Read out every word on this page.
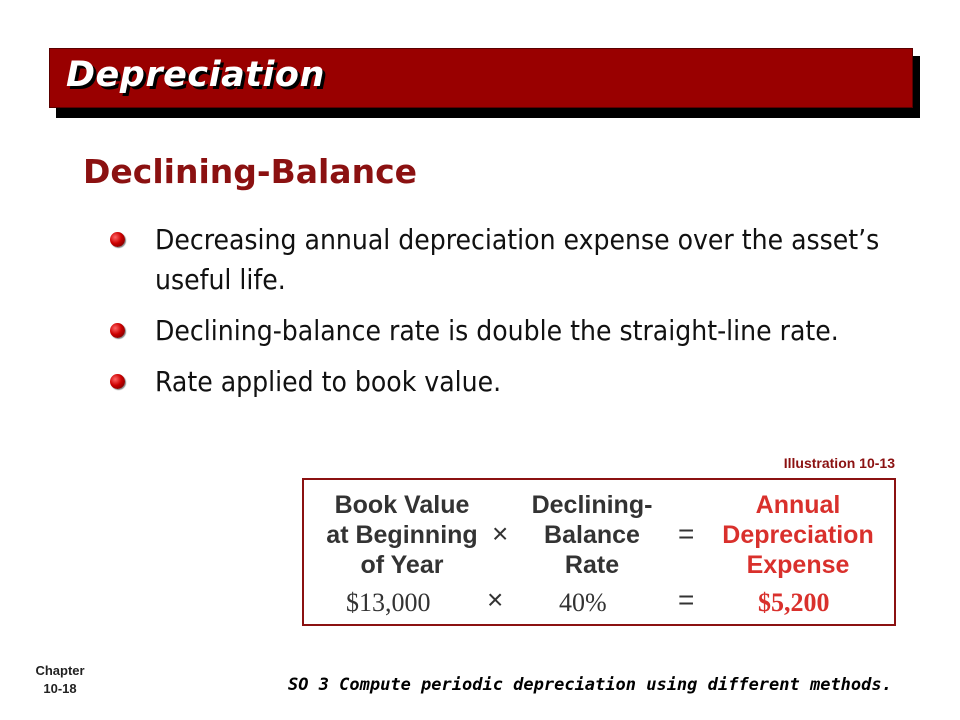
Depreciation
Declining-Balance
Decreasing annual depreciation expense over the asset’s useful life.
Declining-balance rate is double the straight-line rate.
Rate applied to book value.
Illustration 10-13
Book Value
at Beginning
of Year
×
Declining-
Balance
Rate
=
Annual
Depreciation
Expense
$13,000 × 40%	= $5,200
Chapter
10-18	SO 3 Compute periodic depreciation using different methods.
